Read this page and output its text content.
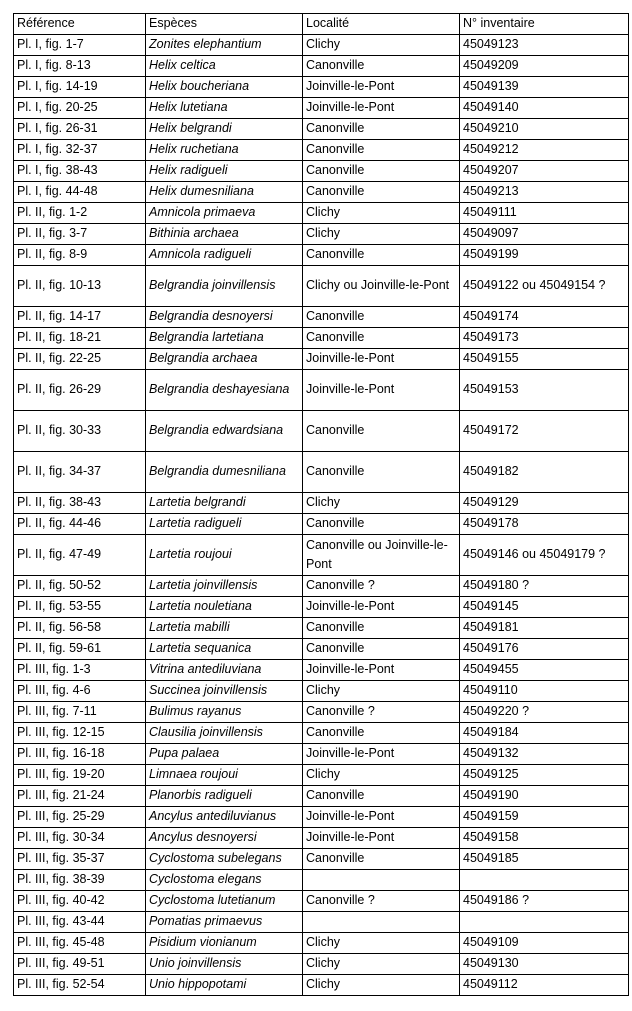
Référence	Espèces	Localité	N° inventaire
Pl. I, fig. 1-7	Zonites elephantium	Clichy	45049123
Pl. I, fig. 8-13	Helix celtica	Canonville	45049209
Pl. I, fig. 14-19	Helix boucheriana	Joinville-le-Pont	45049139
Pl. I, fig. 20-25	Helix lutetiana	Joinville-le-Pont	45049140
Pl. I, fig. 26-31	Helix belgrandi	Canonville	45049210
Pl. I, fig. 32-37	Helix ruchetiana	Canonville	45049212
Pl. I, fig. 38-43	Helix radigueli	Canonville	45049207
Pl. I, fig. 44-48	Helix dumesniliana	Canonville	45049213
Pl. II, fig. 1-2	Amnicola primaeva	Clichy	45049111
Pl. II, fig. 3-7	Bithinia archaea	Clichy	45049097
Pl. II, fig. 8-9	Amnicola radigueli	Canonville	45049199
Pl. II, fig. 10-13	Belgrandia joinvillensis	Clichy ou Joinville-le-Pont	45049122 ou 45049154 ?
Pl. II, fig. 14-17	Belgrandia desnoyersi	Canonville	45049174
Pl. II, fig. 18-21	Belgrandia lartetiana	Canonville	45049173
Pl. II, fig. 22-25	Belgrandia archaea	Joinville-le-Pont	45049155
Pl. II, fig. 26-29	Belgrandia deshayesiana	Joinville-le-Pont	45049153
Pl. II, fig. 30-33	Belgrandia edwardsiana	Canonville	45049172
Pl. II, fig. 34-37	Belgrandia dumesniliana	Canonville	45049182
Pl. II, fig. 38-43	Lartetia belgrandi	Clichy	45049129
Pl. II, fig. 44-46	Lartetia radigueli	Canonville	45049178
Pl. II, fig. 47-49	Lartetia roujoui	Canonville ou Joinville-le-Pont	45049146 ou 45049179 ?
Pl. II, fig. 50-52	Lartetia joinvillensis	Canonville ?	45049180 ?
Pl. II, fig. 53-55	Lartetia nouletiana	Joinville-le-Pont	45049145
Pl. II, fig. 56-58	Lartetia mabilli	Canonville	45049181
Pl. II, fig. 59-61	Lartetia sequanica	Canonville	45049176
Pl. III, fig. 1-3	Vitrina antediluviana	Joinville-le-Pont	45049455
Pl. III, fig. 4-6	Succinea joinvillensis	Clichy	45049110
Pl. III, fig. 7-11	Bulimus rayanus	Canonville ?	45049220 ?
Pl. III, fig. 12-15	Clausilia joinvillensis	Canonville	45049184
Pl. III, fig. 16-18	Pupa palaea	Joinville-le-Pont	45049132
Pl. III, fig. 19-20	Limnaea roujoui	Clichy	45049125
Pl. III, fig. 21-24	Planorbis radigueli	Canonville	45049190
Pl. III, fig. 25-29	Ancylus antediluvianus	Joinville-le-Pont	45049159
Pl. III, fig. 30-34	Ancylus desnoyersi	Joinville-le-Pont	45049158
Pl. III, fig. 35-37	Cyclostoma subelegans	Canonville	45049185
Pl. III, fig. 38-39	Cyclostoma elegans		
Pl. III, fig. 40-42	Cyclostoma lutetianum	Canonville ?	45049186 ?
Pl. III, fig. 43-44	Pomatias primaevus		
Pl. III, fig. 45-48	Pisidium vionianum	Clichy	45049109
Pl. III, fig. 49-51	Unio joinvillensis	Clichy	45049130
Pl. III, fig. 52-54	Unio hippopotami	Clichy	45049112
